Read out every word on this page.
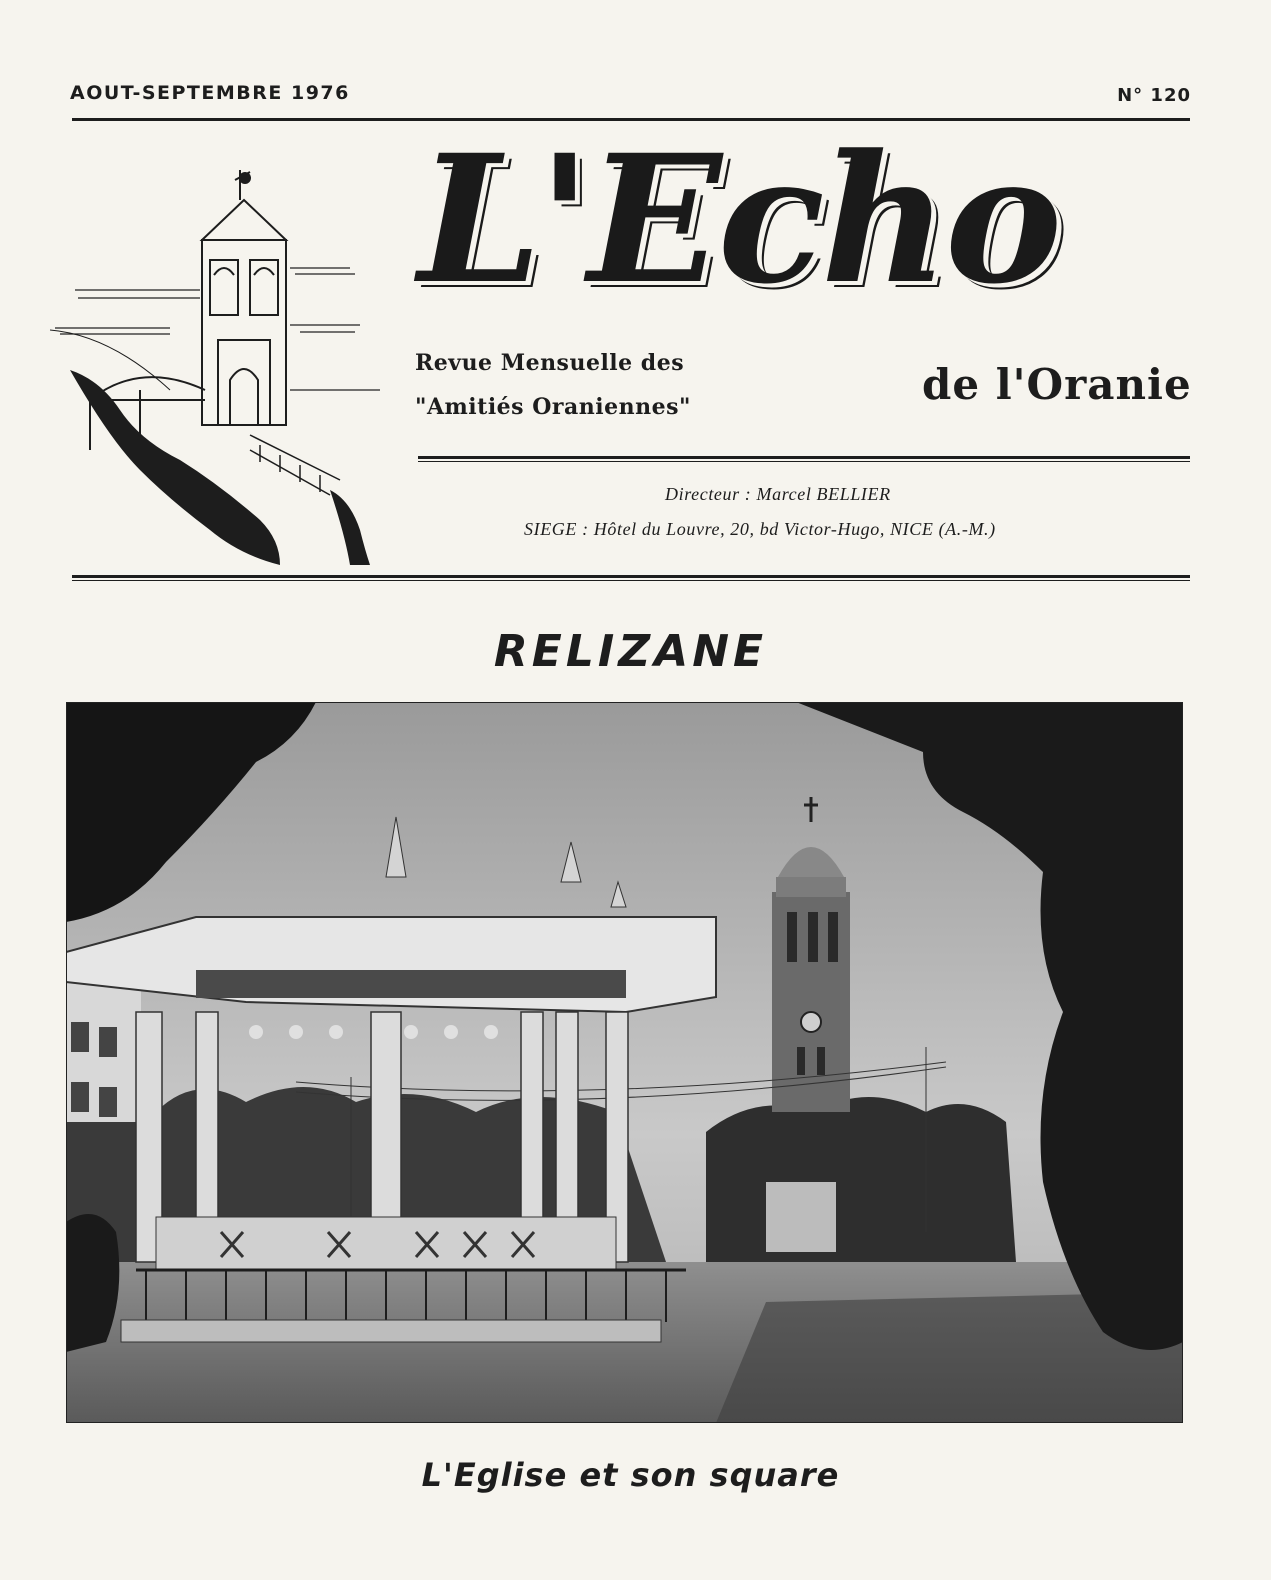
AOUT-SEPTEMBRE 1976	N° 120
L'Echo
Revue Mensuelle des
"Amitiés Oraniennes"	de l'Oranie
Directeur : Marcel BELLIER
SIEGE : Hôtel du Louvre, 20, bd Victor-Hugo, NICE (A.-M.)
RELIZANE
L'Eglise et son square
